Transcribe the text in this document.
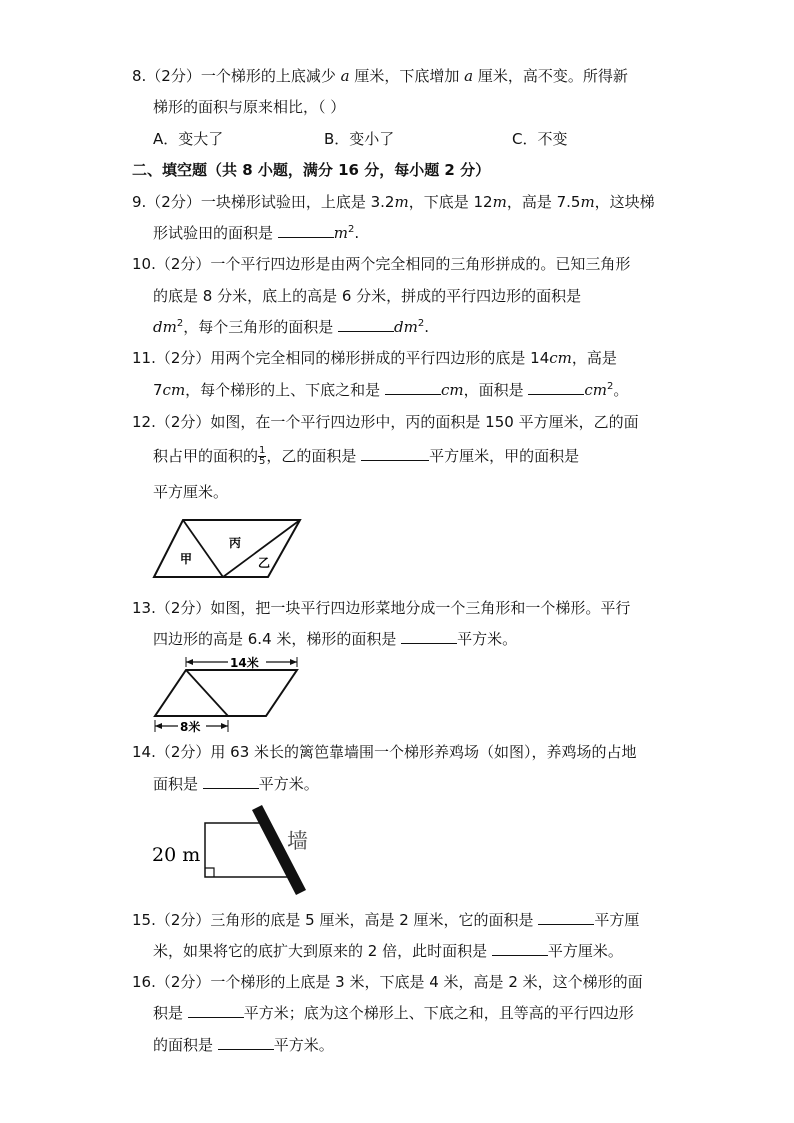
8.（2分）一个梯形的上底减少 a 厘米，下底增加 a 厘米，高不变。所得新
梯形的面积与原来相比，（ ）
A．变大了	B．变小了	C．不变
二、填空题（共 8 小题，满分 16 分，每小题 2 分）
9.（2分）一块梯形试验田，上底是 3.2m，下底是 12m，高是 7.5m，这块梯
形试验田的面积是	$m^2$.
10.（2分）一个平行四边形是由两个完全相同的三角形拼成的。已知三角形
的底是 8 分米，底上的高是 6 分米，拼成的平行四边形的面积是
$dm^2$，每个三角形的面积是	$dm^2$.
11.（2分）用两个完全相同的梯形拼成的平行四边形的底是 14cm，高是
7cm，每个梯形的上、下底之和是	cm，面积是	$cm^2$。
12.（2分）如图，在一个平行四边形中，丙的面积是 150 平方厘米，乙的面
积占甲的面积的 $\frac{1}{5}$ ，乙的面积是	平方厘米，甲的面积是
平方厘米。
甲
丙
乙
13.（2分）如图，把一块平行四边形菜地分成一个三角形和一个梯形。平行
四边形的高是 6.4 米，梯形的面积是	平方米。
14米
8米
14.（2分）用 63 米长的篱笆靠墙围一个梯形养鸡场（如图），养鸡场的占地
面积是	平方米。
20 m
墙
15.（2分）三角形的底是 5 厘米，高是 2 厘米，它的面积是	平方厘
米，如果将它的底扩大到原来的 2 倍，此时面积是	平方厘米。
16.（2分）一个梯形的上底是 3 米，下底是 4 米，高是 2 米，这个梯形的面
积是	平方米；底为这个梯形上、下底之和，且等高的平行四边形
的面积是	平方米。
